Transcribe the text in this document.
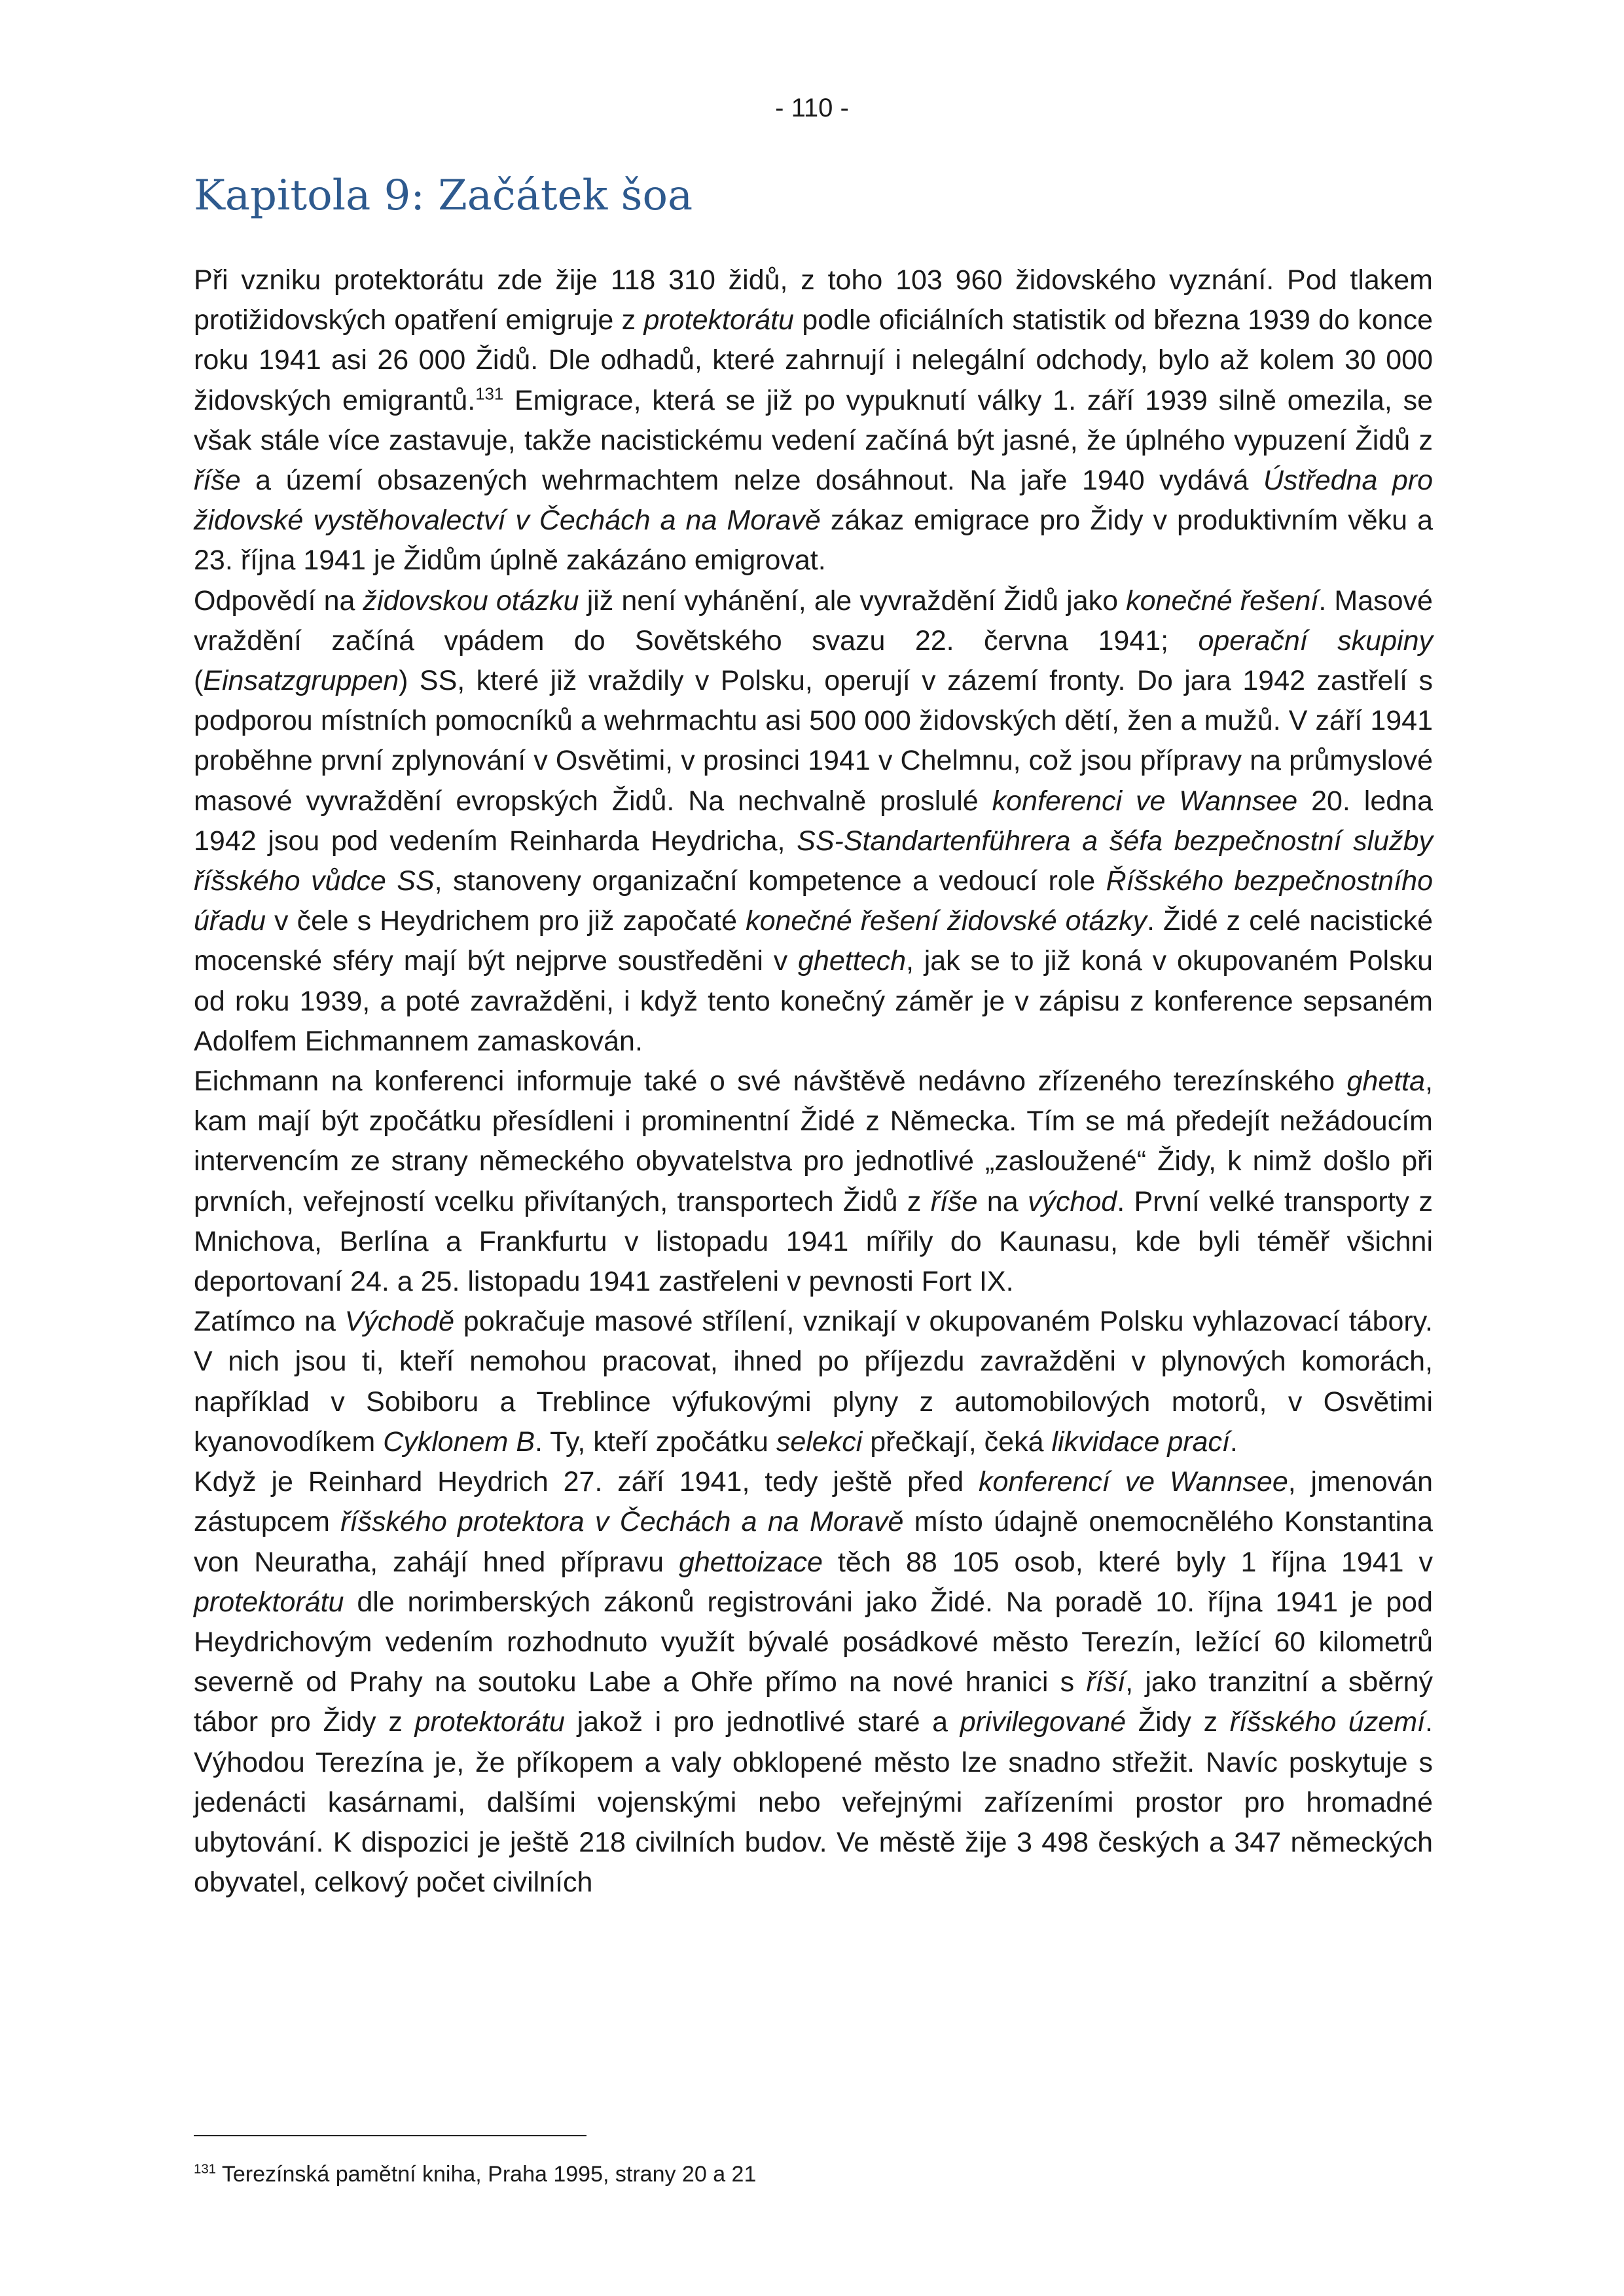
- 110 -
Kapitola 9: Začátek šoa

Při vzniku protektorátu zde žije 118 310 židů, z toho 103 960 židovského vyznání. Pod tlakem protižidovských opatření emigruje z protektorátu podle oficiálních statistik od března 1939 do konce roku 1941 asi 26 000 Židů. Dle odhadů, které zahrnují i nelegální odchody, bylo až kolem 30 000 židovských emigrantů.$^{131}$ Emigrace, která se již po vypuknutí války 1. září 1939 silně omezila, se však stále více zastavuje, takže nacistickému vedení začíná být jasné, že úplného vypuzení Židů z říše a území obsazených wehrmachtem nelze dosáhnout. Na jaře 1940 vydává Ústředna pro židovské vystěhovalectví v Čechách a na Moravě zákaz emigrace pro Židy v produktivním věku a 23. října 1941 je Židům úplně zakázáno emigrovat.

Odpovědí na židovskou otázku již není vyhánění, ale vyvraždění Židů jako konečné řešení. Masové vraždění začíná vpádem do Sovětského svazu 22. června 1941; operační skupiny (Einsatzgruppen) SS, které již vraždily v Polsku, operují v zázemí fronty. Do jara 1942 zastřelí s podporou místních pomocníků a wehrmachtu asi 500 000 židovských dětí, žen a mužů. V září 1941 proběhne první zplynování v Osvětimi, v prosinci 1941 v Chelmnu, což jsou přípravy na průmyslové masové vyvraždění evropských Židů. Na nechvalně proslulé konferenci ve Wannsee 20. ledna 1942 jsou pod vedením Reinharda Heydricha, SS-Standartenführera a šéfa bezpečnostní služby říšského vůdce SS, stanoveny organizační kompetence a vedoucí role Říšského bezpečnostního úřadu v čele s Heydrichem pro již započaté konečné řešení židovské otázky. Židé z celé nacistické mocenské sféry mají být nejprve soustředěni v ghettech, jak se to již koná v okupovaném Polsku od roku 1939, a poté zavražděni, i když tento konečný záměr je v zápisu z konference sepsaném Adolfem Eichmannem zamaskován.

Eichmann na konferenci informuje také o své návštěvě nedávno zřízeného terezínského ghetta, kam mají být zpočátku přesídleni i prominentní Židé z Německa. Tím se má předejít nežádoucím intervencím ze strany německého obyvatelstva pro jednotlivé „zasloužené“ Židy, k nimž došlo při prvních, veřejností vcelku přivítaných, transportech Židů z říše na východ. První velké transporty z Mnichova, Berlína a Frankfurtu v listopadu 1941 mířily do Kaunasu, kde byli téměř všichni deportovaní 24. a 25. listopadu 1941 zastřeleni v pevnosti Fort IX.

Zatímco na Východě pokračuje masové střílení, vznikají v okupovaném Polsku vyhlazovací tábory. V nich jsou ti, kteří nemohou pracovat, ihned po příjezdu zavražděni v plynových komorách, například v Sobiboru a Treblince výfukovými plyny z automobilových motorů, v Osvětimi kyanovodíkem Cyklonem B. Ty, kteří zpočátku selekci přečkají, čeká likvidace prací.

Když je Reinhard Heydrich 27. září 1941, tedy ještě před konferencí ve Wannsee, jmenován zástupcem říšského protektora v Čechách a na Moravě místo údajně onemocnělého Konstantina von Neuratha, zahájí hned přípravu ghettoizace těch 88 105 osob, které byly 1 října 1941 v protektorátu dle norimberských zákonů registrováni jako Židé. Na poradě 10. října 1941 je pod Heydrichovým vedením rozhodnuto využít bývalé posádkové město Terezín, ležící 60 kilometrů severně od Prahy na soutoku Labe a Ohře přímo na nové hranici s říší, jako tranzitní a sběrný tábor pro Židy z protektorátu jakož i pro jednotlivé staré a privilegované Židy z říšského území. Výhodou Terezína je, že příkopem a valy obklopené město lze snadno střežit. Navíc poskytuje s jedenácti kasárnami, dalšími vojenskými nebo veřejnými zařízeními prostor pro hromadné ubytování. K dispozici je ještě 218 civilních budov. Ve městě žije 3 498 českých a 347 německých obyvatel, celkový počet civilních

$^{131}$ Terezínská pamětní kniha, Praha 1995, strany 20 a 21
